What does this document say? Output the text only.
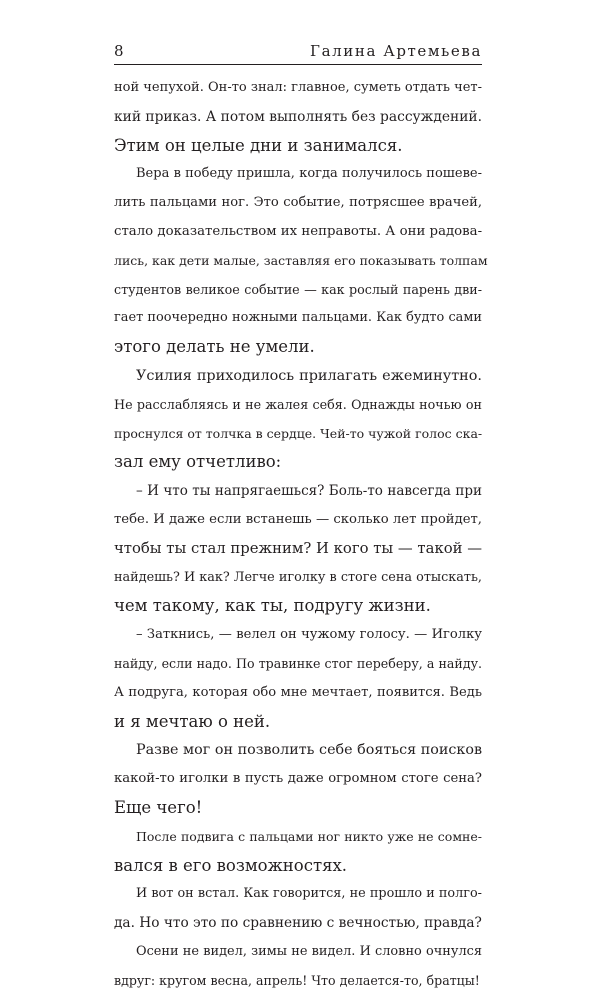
8	Галина Артемьева
ной чепухой. Он-то знал: главное, суметь отдать чет-
кий приказ. А потом выполнять без рассуждений.
Этим он целые дни и занимался.
Вера в победу пришла, когда получилось пошеве-
лить пальцами ног. Это событие, потрясшее врачей,
стало доказательством их неправоты. А они радова-
лись, как дети малые, заставляя его показывать толпам
студентов великое событие — как рослый парень дви-
гает поочередно ножными пальцами. Как будто сами
этого делать не умели.
Усилия приходилось прилагать ежеминутно.
Не расслабляясь и не жалея себя. Однажды ночью он
проснулся от толчка в сердце. Чей-то чужой голос ска-
зал ему отчетливо:
– И что ты напрягаешься? Боль-то навсегда при
тебе. И даже если встанешь — сколько лет пройдет,
чтобы ты стал прежним? И кого ты — такой —
найдешь? И как? Легче иголку в стоге сена отыскать,
чем такому, как ты, подругу жизни.
– Заткнись, — велел он чужому голосу. — Иголку
найду, если надо. По травинке стог переберу, а найду.
А подруга, которая обо мне мечтает, появится. Ведь
и я мечтаю о ней.
Разве мог он позволить себе бояться поисков
какой-то иголки в пусть даже огромном стоге сена?
Еще чего!
После подвига с пальцами ног никто уже не сомне-
вался в его возможностях.
И вот он встал. Как говорится, не прошло и полго-
да. Но что это по сравнению с вечностью, правда?
Осени не видел, зимы не видел. И словно очнулся
вдруг: кругом весна, апрель! Что делается-то, братцы!
